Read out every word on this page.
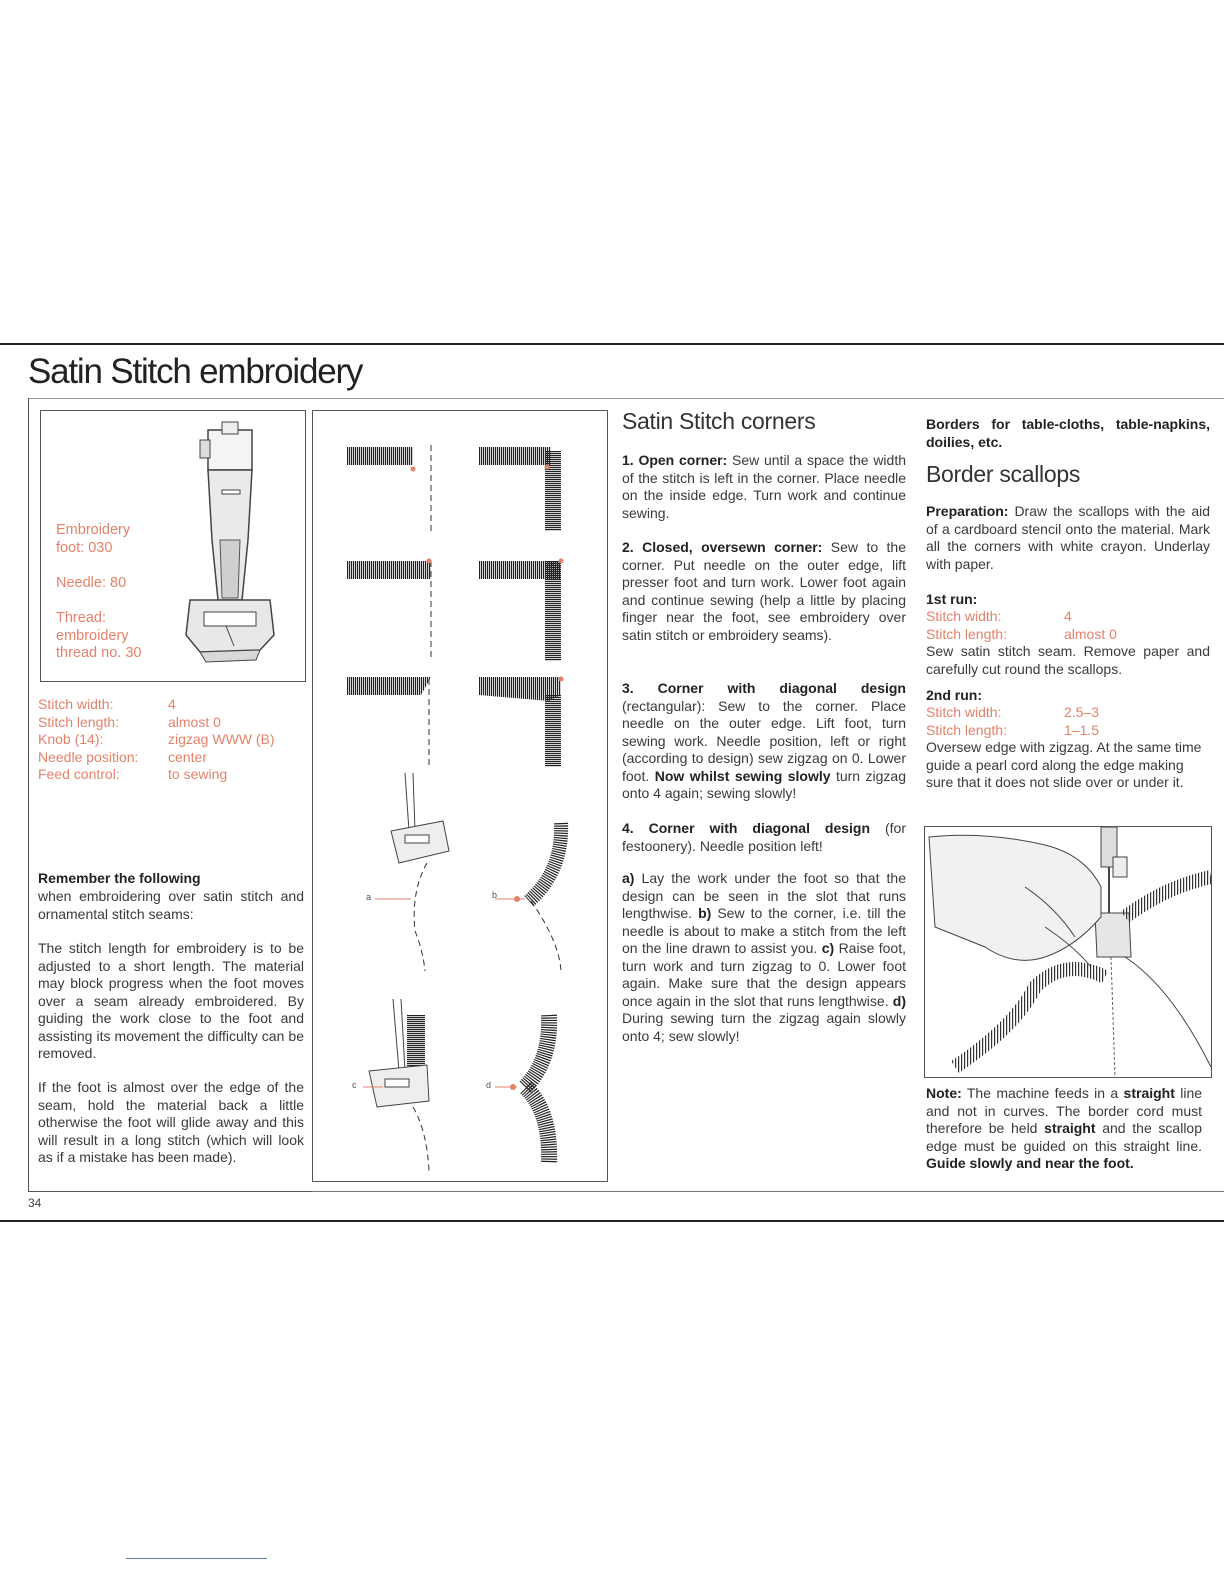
Satin Stitch embroidery
Embroidery
foot: 030
Needle: 80
Thread:
embroidery
thread no. 30
Stitch width:	4
Stitch length:	almost 0
Knob (14):	zigzag WWW (B)
Needle position: center
Feed control:	to sewing
Remember the following
when embroidering over satin stitch and ornamental stitch seams:
The stitch length for embroidery is to be adjusted to a short length. The material may block progress when the foot moves over a seam already embroidered. By guiding the work close to the foot and assisting its movement the difficulty can be removed.
If the foot is almost over the edge of the seam, hold the material back a little otherwise the foot will glide away and this will result in a long stitch (which will look as if a mistake has been made).
a	b
c	d
Satin Stitch corners
1. Open corner: Sew until a space the width of the stitch is left in the corner. Place needle on the inside edge. Turn work and continue sewing.
2. Closed, oversewn corner: Sew to the corner. Put needle on the outer edge, lift presser foot and turn work. Lower foot again and continue sewing (help a little by placing finger near the foot, see embroidery over satin stitch or embroidery seams).
3. Corner with diagonal design (rectangular): Sew to the corner. Place needle on the outer edge. Lift foot, turn sewing work. Needle position, left or right (according to design) sew zigzag on 0. Lower foot. Now whilst sewing slowly turn zigzag onto 4 again; sewing slowly!
4. Corner with diagonal design (for festoonery). Needle position left!
a) Lay the work under the foot so that the design can be seen in the slot that runs lengthwise. b) Sew to the corner, i.e. till the needle is about to make a stitch from the left on the line drawn to assist you. c) Raise foot, turn work and turn zigzag to 0. Lower foot again. Make sure that the design appears once again in the slot that runs lengthwise. d) During sewing turn the zigzag again slowly onto 4; sew slowly!
Borders for table-cloths, table-napkins, doilies, etc.
Border scallops
Preparation: Draw the scallops with the aid of a cardboard stencil onto the material. Mark all the corners with white crayon. Underlay with paper.
1st run:
Stitch width:	4
Stitch length:	almost 0
Sew satin stitch seam. Remove paper and carefully cut round the scallops.
2nd run:
Stitch width:	2.5–3
Stitch length:	1–1.5
Oversew edge with zigzag. At the same time guide a pearl cord along the edge making sure that it does not slide over or under it.
Note: The machine feeds in a straight line and not in curves. The border cord must therefore be held straight and the scallop edge must be guided on this straight line. Guide slowly and near the foot.
34
